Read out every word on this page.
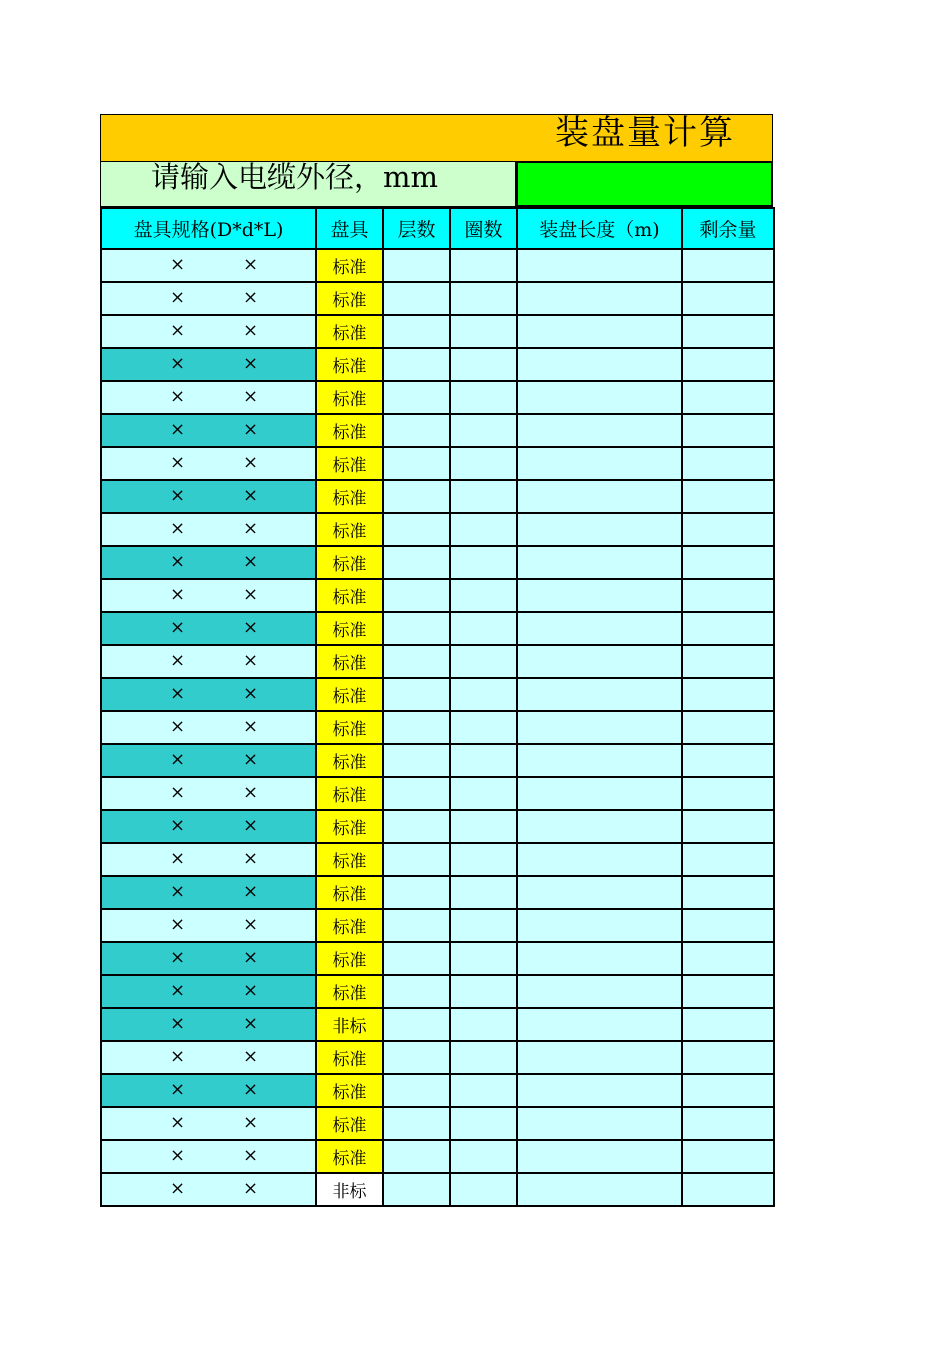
装盘量计算
请输入电缆外径，mm
盘具规格(D*d*L)	盘具	层数	圈数	装盘长度（m)	剩余量

× ×	标准				

× ×	标准				

× ×	标准				

× ×	标准				

× ×	标准				

× ×	标准				

× ×	标准				

× ×	标准				

× ×	标准				

× ×	标准				

× ×	标准				

× ×	标准				

× ×	标准				

× ×	标准				

× ×	标准				

× ×	标准				

× ×	标准				

× ×	标准				

× ×	标准				

× ×	标准				

× ×	标准				

× ×	标准				

× ×	标准				

× ×	非标				

× ×	标准				

× ×	标准				

× ×	标准				

× ×	标准				

× ×	非标				
